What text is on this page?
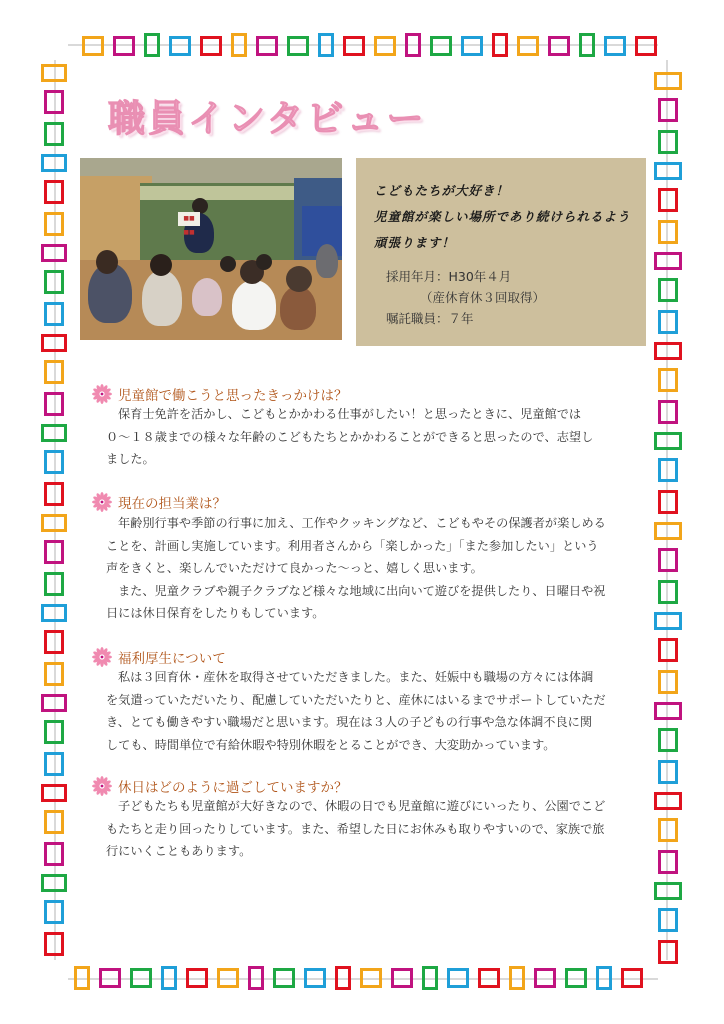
職員インタビュー
■■ ■■
こどもたちが大好き！
児童館が楽しい場所であり続けられるよう
頑張ります！
採用年月：H30年４月
（産休育休３回取得）
嘱託職員：７年
児童館で働こうと思ったきっかけは？

保育士免許を活かし、こどもとかかわる仕事がしたい！と思ったときに、児童館では

０～１８歳までの様々な年齢のこどもたちとかかわることができると思ったので、志望し

ました。

現在の担当業は？

年齢別行事や季節の行事に加え、工作やクッキングなど、こどもやその保護者が楽しめる

ことを、計画し実施しています。利用者さんから「楽しかった」「また参加したい」という

声をきくと、楽しんでいただけて良かった～っと、嬉しく思います。

また、児童クラブや親子クラブなど様々な地域に出向いて遊びを提供したり、日曜日や祝

日には休日保育をしたりもしています。

福利厚生について

私は３回育休・産休を取得させていただきました。また、妊娠中も職場の方々には体調

を気遣っていただいたり、配慮していただいたりと、産休にはいるまでサポートしていただ

き、とても働きやすい職場だと思います。現在は３人の子どもの行事や急な体調不良に関

しても、時間単位で有給休暇や特別休暇をとることができ、大変助かっています。

休日はどのように過ごしていますか？

子どもたちも児童館が大好きなので、休暇の日でも児童館に遊びにいったり、公園でこど

もたちと走り回ったりしています。また、希望した日にお休みも取りやすいので、家族で旅

行にいくこともあります。
